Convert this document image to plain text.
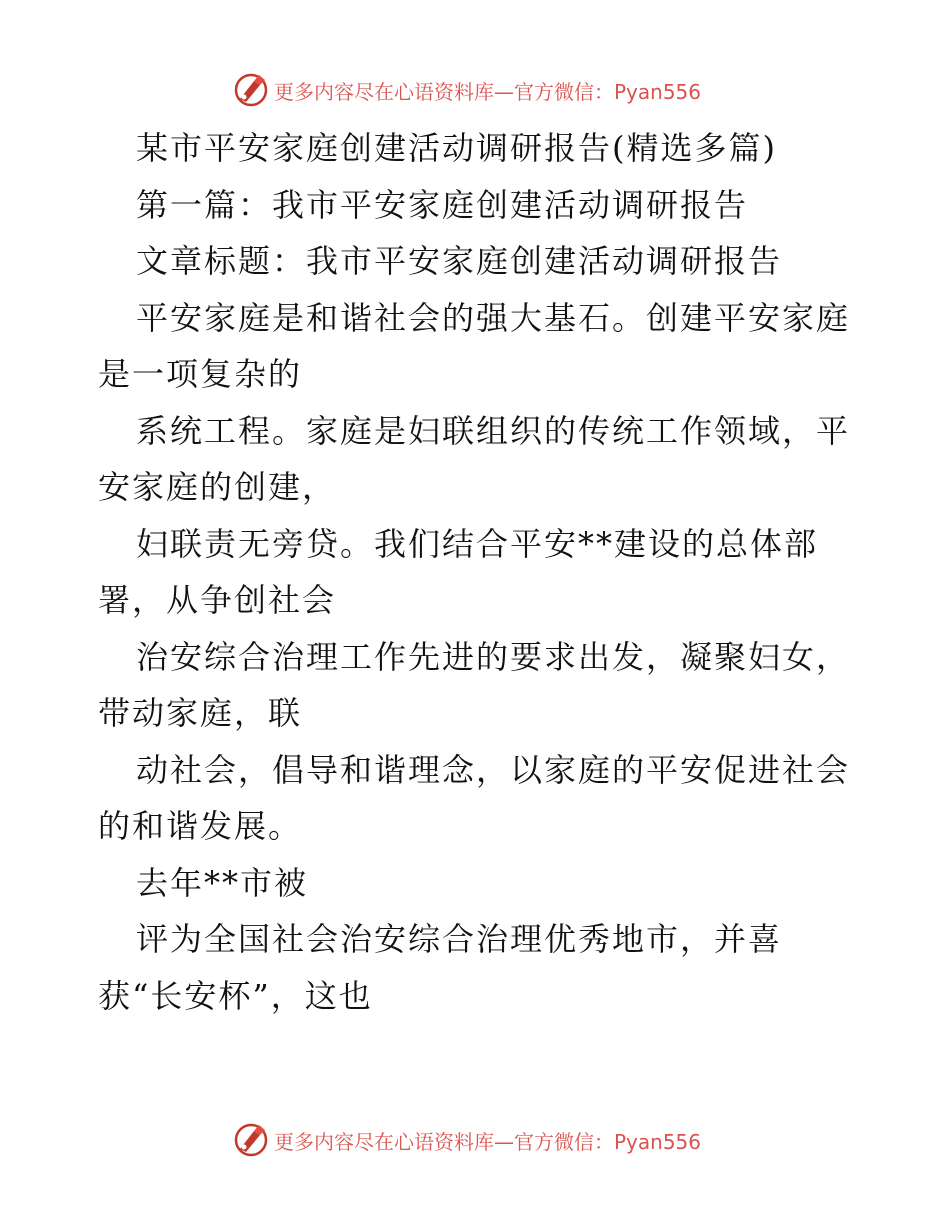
更多内容尽在心语资料库—官方微信：Pyan556

某市平安家庭创建活动调研报告(精选多篇)

第一篇：我市平安家庭创建活动调研报告

文章标题：我市平安家庭创建活动调研报告

平安家庭是和谐社会的强大基石。创建平安家庭

是一项复杂的

系统工程。家庭是妇联组织的传统工作领域，平

安家庭的创建，

妇联责无旁贷。我们结合平安**建设的总体部

署，从争创社会

治安综合治理工作先进的要求出发，凝聚妇女，

带动家庭，联

动社会，倡导和谐理念，以家庭的平安促进社会

的和谐发展。

去年**市被

评为全国社会治安综合治理优秀地市，并喜

获“长安杯”，这也

更多内容尽在心语资料库—官方微信：Pyan556
